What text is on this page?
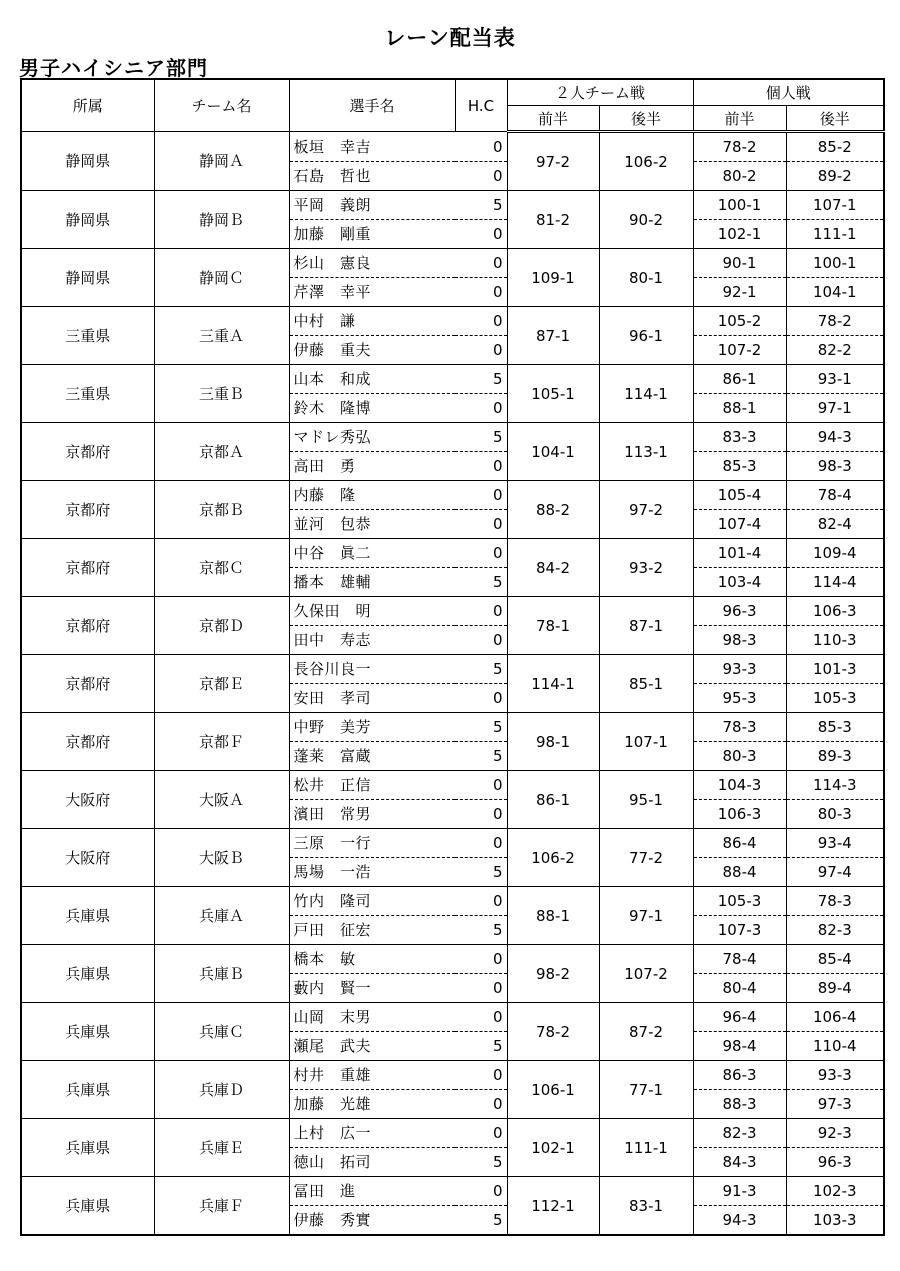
レーン配当表
男子ハイシニア部門
所属	チーム名	選手名	H.C	２人チーム戦		個人戦	
				前半	後半	前半	後半
静岡県	静岡Ａ	板垣　幸吉	0	97-2	106-2	78-2	85-2
		石島　哲也	0			80-2	89-2
静岡県	静岡Ｂ	平岡　義朗	5	81-2	90-2	100-1	107-1
		加藤　剛重	0			102-1	111-1
静岡県	静岡Ｃ	杉山　憲良	0	109-1	80-1	90-1	100-1
		芹澤　幸平	0			92-1	104-1
三重県	三重Ａ	中村　謙	0	87-1	96-1	105-2	78-2
		伊藤　重夫	0			107-2	82-2
三重県	三重Ｂ	山本　和成	5	105-1	114-1	86-1	93-1
		鈴木　隆博	0			88-1	97-1
京都府	京都Ａ	マドレ秀弘	5	104-1	113-1	83-3	94-3
		高田　勇	0			85-3	98-3
京都府	京都Ｂ	内藤　隆	0	88-2	97-2	105-4	78-4
		並河　包恭	0			107-4	82-4
京都府	京都Ｃ	中谷　眞二	0	84-2	93-2	101-4	109-4
		播本　雄輔	5			103-4	114-4
京都府	京都Ｄ	久保田　明	0	78-1	87-1	96-3	106-3
		田中　寿志	0			98-3	110-3
京都府	京都Ｅ	長谷川良一	5	114-1	85-1	93-3	101-3
		安田　孝司	0			95-3	105-3
京都府	京都Ｆ	中野　美芳	5	98-1	107-1	78-3	85-3
		蓬莱　富蔵	5			80-3	89-3
大阪府	大阪Ａ	松井　正信	0	86-1	95-1	104-3	114-3
		濱田　常男	0			106-3	80-3
大阪府	大阪Ｂ	三原　一行	0	106-2	77-2	86-4	93-4
		馬場　一浩	5			88-4	97-4
兵庫県	兵庫Ａ	竹内　隆司	0	88-1	97-1	105-3	78-3
		戸田　征宏	5			107-3	82-3
兵庫県	兵庫Ｂ	橋本　敏	0	98-2	107-2	78-4	85-4
		藪内　賢一	0			80-4	89-4
兵庫県	兵庫Ｃ	山岡　末男	0	78-2	87-2	96-4	106-4
		瀬尾　武夫	5			98-4	110-4
兵庫県	兵庫Ｄ	村井　重雄	0	106-1	77-1	86-3	93-3
		加藤　光雄	0			88-3	97-3
兵庫県	兵庫Ｅ	上村　広一	0	102-1	111-1	82-3	92-3
		徳山　拓司	5			84-3	96-3
兵庫県	兵庫Ｆ	冨田　進	0	112-1	83-1	91-3	102-3
		伊藤　秀實	5			94-3	103-3
